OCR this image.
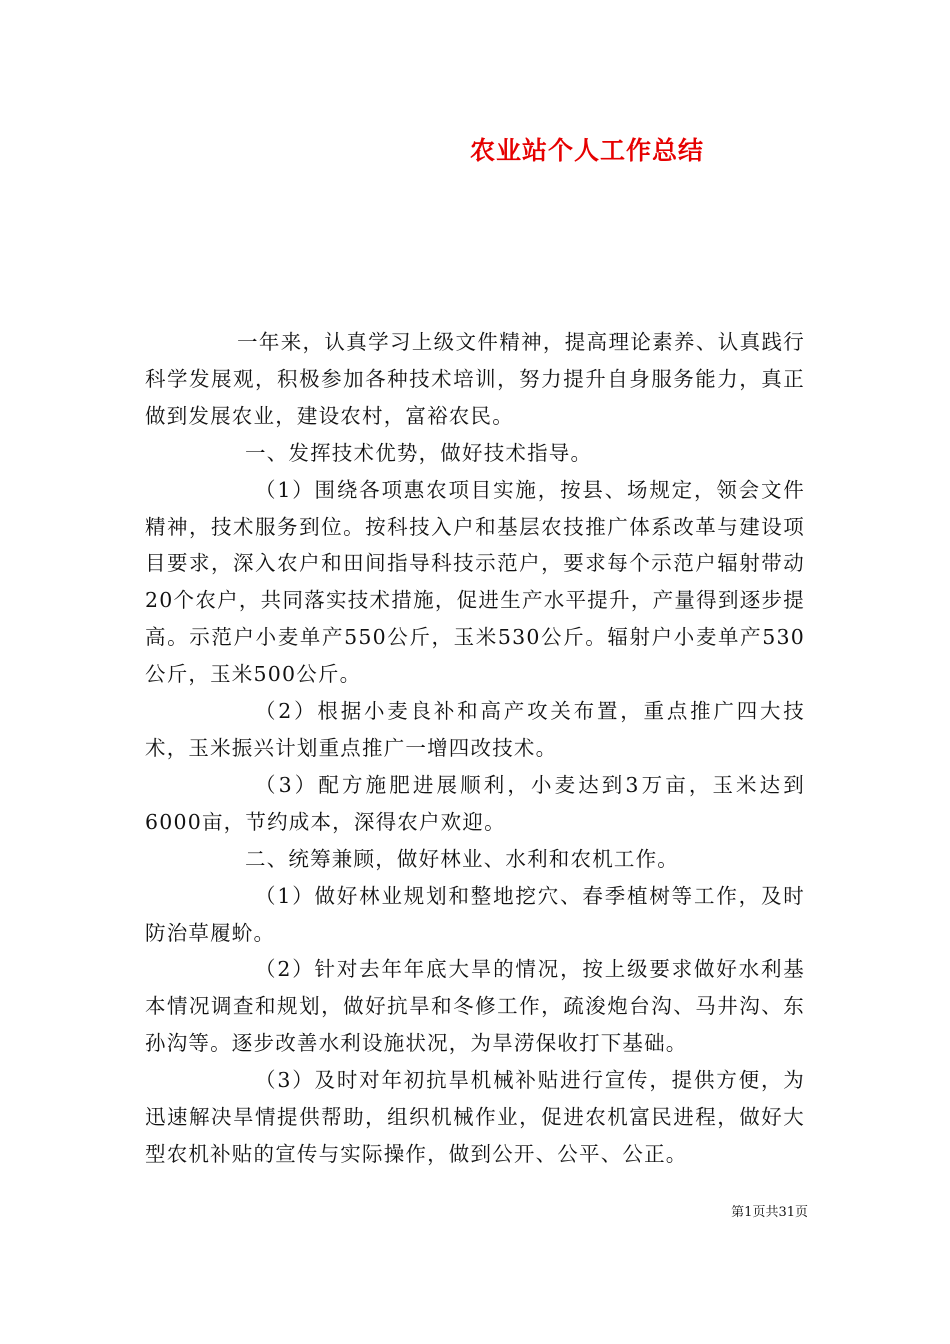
农业站个人工作总结

一年来，认真学习上级文件精神，提高理论素养、认真践行科学发展观，积极参加各种技术培训，努力提升自身服务能力，真正做到发展农业，建设农村，富裕农民。

一、发挥技术优势，做好技术指导。

（1）围绕各项惠农项目实施，按县、场规定，领会文件精神，技术服务到位。按科技入户和基层农技推广体系改革与建设项目要求，深入农户和田间指导科技示范户，要求每个示范户辐射带动20个农户，共同落实技术措施，促进生产水平提升，产量得到逐步提高。示范户小麦单产550公斤，玉米530公斤。辐射户小麦单产530公斤，玉米500公斤。

（2）根据小麦良补和高产攻关布置，重点推广四大技术，玉米振兴计划重点推广一增四改技术。

（3）配方施肥进展顺利，小麦达到3万亩，玉米达到6000亩，节约成本，深得农户欢迎。

二、统筹兼顾，做好林业、水利和农机工作。

（1）做好林业规划和整地挖穴、春季植树等工作，及时防治草履蚧。

（2）针对去年年底大旱的情况，按上级要求做好水利基本情况调查和规划，做好抗旱和冬修工作，疏浚炮台沟、马井沟、东孙沟等。逐步改善水利设施状况，为旱涝保收打下基础。

（3）及时对年初抗旱机械补贴进行宣传，提供方便，为迅速解决旱情提供帮助，组织机械作业，促进农机富民进程，做好大型农机补贴的宣传与实际操作，做到公开、公平、公正。

第1页共31页
